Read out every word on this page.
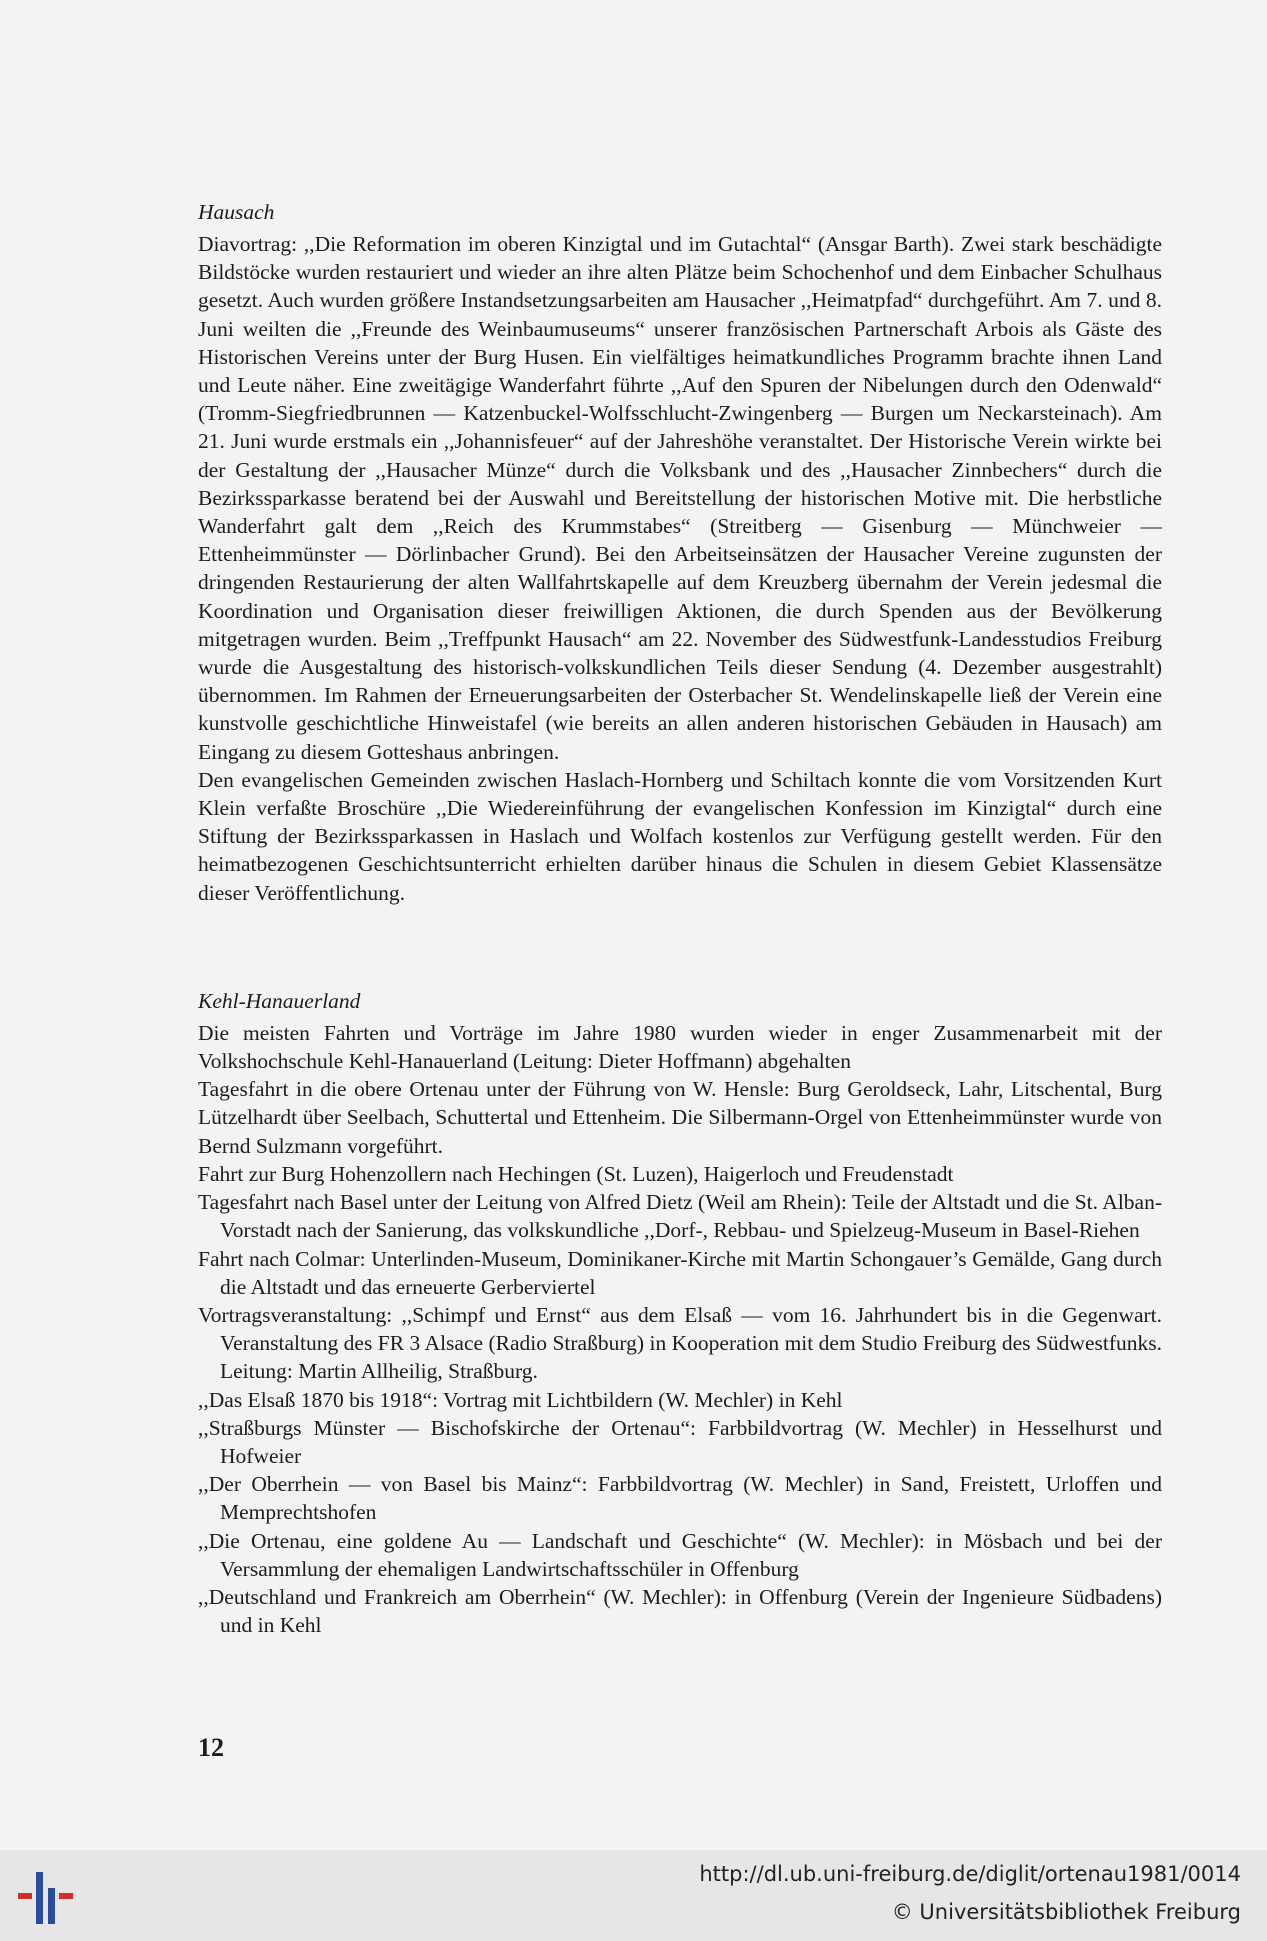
Hausach

Diavortrag: ,,Die Reformation im oberen Kinzigtal und im Gutachtal“ (Ansgar Barth). Zwei stark beschädigte Bildstöcke wurden restauriert und wieder an ihre alten Plätze beim Schochenhof und dem Einbacher Schulhaus gesetzt. Auch wurden größere Instandsetzungsarbeiten am Hausacher ,,Heimatpfad“ durchgeführt. Am 7. und 8. Juni weilten die ,,Freunde des Weinbaumuseums“ unserer französischen Partnerschaft Arbois als Gäste des Historischen Vereins unter der Burg Husen. Ein vielfältiges heimatkundliches Programm brachte ihnen Land und Leute näher. Eine zweitägige Wanderfahrt führte ,,Auf den Spuren der Nibelungen durch den Odenwald“ (Tromm-Siegfriedbrunnen — Katzenbuckel-Wolfsschlucht-Zwingenberg — Burgen um Neckarsteinach). Am 21. Juni wurde erstmals ein ,,Johannisfeuer“ auf der Jahreshöhe veranstaltet. Der Historische Verein wirkte bei der Gestaltung der ,,Hausacher Münze“ durch die Volksbank und des ,,Hausacher Zinnbechers“ durch die Bezirkssparkasse beratend bei der Auswahl und Bereitstellung der historischen Motive mit. Die herbstliche Wanderfahrt galt dem ,,Reich des Krummstabes“ (Streitberg — Gisenburg — Münchweier — Ettenheimmünster — Dörlinbacher Grund). Bei den Arbeitseinsätzen der Hausacher Vereine zugunsten der dringenden Restaurierung der alten Wallfahrtskapelle auf dem Kreuzberg übernahm der Verein jedesmal die Koordination und Organisation dieser freiwilligen Aktionen, die durch Spenden aus der Bevölkerung mitgetragen wurden. Beim ,,Treffpunkt Hausach“ am 22. November des Südwestfunk-Landesstudios Freiburg wurde die Ausgestaltung des historisch-volkskundlichen Teils dieser Sendung (4. Dezember ausgestrahlt) übernommen. Im Rahmen der Erneuerungsarbeiten der Osterbacher St. Wendelinskapelle ließ der Verein eine kunstvolle geschichtliche Hinweistafel (wie bereits an allen anderen historischen Gebäuden in Hausach) am Eingang zu diesem Gotteshaus anbringen.

Den evangelischen Gemeinden zwischen Haslach-Hornberg und Schiltach konnte die vom Vorsitzenden Kurt Klein verfaßte Broschüre ,,Die Wiedereinführung der evangelischen Konfession im Kinzigtal“ durch eine Stiftung der Bezirkssparkassen in Haslach und Wolfach kostenlos zur Verfügung gestellt werden. Für den heimatbezogenen Geschichtsunterricht erhielten darüber hinaus die Schulen in diesem Gebiet Klassensätze dieser Veröffentlichung.

Kehl-Hanauerland

Die meisten Fahrten und Vorträge im Jahre 1980 wurden wieder in enger Zusammenarbeit mit der Volkshochschule Kehl-Hanauerland (Leitung: Dieter Hoffmann) abgehalten
Tagesfahrt in die obere Ortenau unter der Führung von W. Hensle: Burg Geroldseck, Lahr, Litschental, Burg Lützelhardt über Seelbach, Schuttertal und Ettenheim. Die Silbermann-Orgel von Ettenheimmünster wurde von Bernd Sulzmann vorgeführt.
Fahrt zur Burg Hohenzollern nach Hechingen (St. Luzen), Haigerloch und Freudenstadt
Tagesfahrt nach Basel unter der Leitung von Alfred Dietz (Weil am Rhein): Teile der Altstadt und die St. Alban-Vorstadt nach der Sanierung, das volkskundliche ,,Dorf-, Rebbau- und Spielzeug-Museum in Basel-Riehen
Fahrt nach Colmar: Unterlinden-Museum, Dominikaner-Kirche mit Martin Schongauer’s Gemälde, Gang durch die Altstadt und das erneuerte Gerberviertel
Vortragsveranstaltung: ,,Schimpf und Ernst“ aus dem Elsaß — vom 16. Jahrhundert bis in die Gegenwart. Veranstaltung des FR 3 Alsace (Radio Straßburg) in Kooperation mit dem Studio Freiburg des Südwestfunks. Leitung: Martin Allheilig, Straßburg.
,,Das Elsaß 1870 bis 1918“: Vortrag mit Lichtbildern (W. Mechler) in Kehl
,,Straßburgs Münster — Bischofskirche der Ortenau“: Farbbildvortrag (W. Mechler) in Hesselhurst und Hofweier
,,Der Oberrhein — von Basel bis Mainz“: Farbbildvortrag (W. Mechler) in Sand, Freistett, Urloffen und Memprechtshofen
,,Die Ortenau, eine goldene Au — Landschaft und Geschichte“ (W. Mechler): in Mösbach und bei der Versammlung der ehemaligen Landwirtschaftsschüler in Offenburg
,,Deutschland und Frankreich am Oberrhein“ (W. Mechler): in Offenburg (Verein der Ingenieure Südbadens) und in Kehl
12
http://dl.ub.uni-freiburg.de/diglit/ortenau1981/0014
© Universitätsbibliothek Freiburg
